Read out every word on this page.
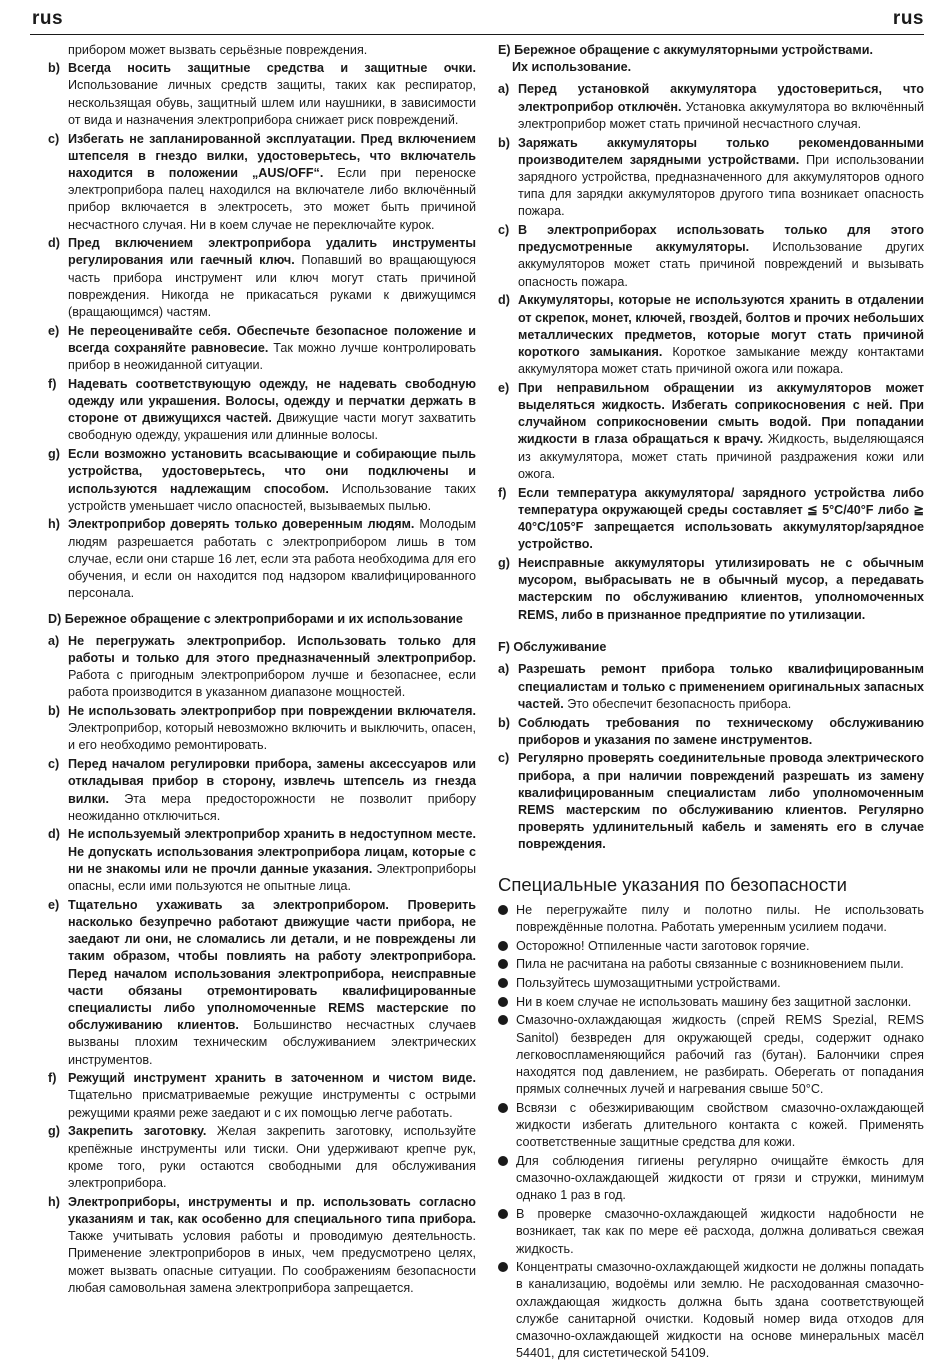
rus	rus

прибором может вызвать серьёзные повреждения.

b) Всегда носить защитные средства и защитные очки. Использование личных средств защиты, таких как респиратор, нескользящая обувь, защитный шлем или наушники, в зависимости от вида и назначения электроприбора снижает риск повреждений.
c) Избегать не запланированной эксплуатации. Пред включением штепселя в гнездо вилки, удостоверьтесь, что включатель находится в положении „AUS/OFF“. Если при переноске электроприбора палец находился на включателе либо включённый прибор включается в электросеть, это может быть причиной несчастного случая. Ни в коем случае не переключайте курок.
d) Пред включением электроприбора удалить инструменты регулирования или гаечный ключ. Попавший во вращающуюся часть прибора инструмент или ключ могут стать причиной повреждения. Никогда не прикасаться руками к движущимся (вращающимся) частям.
e) Не переоценивайте себя. Обеспечьте безопасное положение и всегда сохраняйте равновесие. Так можно лучше контролировать прибор в неожиданной ситуации.
f) Надевать соответствующую одежду, не надевать свободную одежду или украшения. Волосы, одежду и перчатки держать в стороне от движущихся частей. Движущие части могут захватить свободную одежду, украшения или длинные волосы.
g) Если возможно установить всасывающие и собирающие пыль устройства, удостоверьтесь, что они подключены и используются надлежащим способом. Использование таких устройств уменьшает число опасностей, вызываемых пылью.
h) Электроприбор доверять только доверенным людям. Молодым людям разрешается работать с электроприбором лишь в том случае, если они старше 16 лет, если эта работа необходима для его обучения, и если он находится под надзором квалифицированного персонала.
D) Бережное обращение с электроприборами и их использование
a) Не перегружать электроприбор. Использовать только для работы и только для этого предназначенный электроприбор. Работа с пригодным электроприбором лучше и безопаснее, если работа производится в указанном диапазоне мощностей.
b) Не использовать электроприбор при повреждении включателя. Электроприбор, который невозможно включить и выключить, опасен, и его необходимо ремонтировать.
c) Перед началом регулировки прибора, замены аксессуаров или откладывая прибор в сторону, извлечь штепсель из гнезда вилки. Эта мера предосторожности не позволит прибору неожиданно отключиться.
d) Не используемый электроприбор хранить в недоступном месте. Не допускать использования электроприбора лицам, которые с ни не знакомы или не прочли данные указания. Электроприборы опасны, если ими пользуются не опытные лица.
e) Тщательно ухаживать за электроприбором. Проверить насколько безупречно работают движущие части прибора, не заедают ли они, не сломались ли детали, и не повреждены ли таким образом, чтобы повлиять на работу электроприбора. Перед началом использования электроприбора, неисправные части обязаны отремонтировать квалифицированные специалисты либо уполномоченные REMS мастерские по обслуживанию клиентов. Большинство несчастных случаев вызваны плохим техническим обслуживанием электрических инструментов.
f) Режущий инструмент хранить в заточенном и чистом виде. Тщательно присматриваемые режущие инструменты с острыми режущими краями реже заедают и с их помощью легче работать.
g) Закрепить заготовку. Желая закрепить заготовку, используйте крепёжные инструменты или тиски. Они удерживают крепче рук, кроме того, руки остаются свободными для обслуживания электроприбора.
h) Электроприборы, инструменты и пр. использовать согласно указаниям и так, как особенно для специального типа прибора. Также учитывать условия работы и проводимую деятельность. Применение электроприборов в иных, чем предусмотрено целях, может вызвать опасные ситуации. По соображениям безопасности любая самовольная замена электроприбора запрещается.
E) Бережное обращение с аккумуляторными устройствами.
Их использование.
a) Перед установкой аккумулятора удостовериться, что электроприбор отключён. Установка аккумулятора во включённый электроприбор может стать причиной несчастного случая.
b) Заряжать аккумуляторы только рекомендованными производителем зарядными устройствами. При использовании зарядного устройства, предназначенного для аккумуляторов одного типа для зарядки аккумуляторов другого типа возникает опасность пожара.
c) В электроприборах использовать только для этого предусмотренные аккумуляторы. Использование других аккумуляторов может стать причиной повреждений и вызывать опасность пожара.
d) Аккумуляторы, которые не используются хранить в отдалении от скрепок, монет, ключей, гвоздей, болтов и прочих небольших металлических предметов, которые могут стать причиной короткого замыкания. Короткое замыкание между контактами аккумулятора может стать причиной ожога или пожара.
e) При неправильном обращении из аккумуляторов может выделяться жидкость. Избегать соприкосновения с ней. При случайном соприкосновении смыть водой. При попадании жидкости в глаза обращаться к врачу. Жидкость, выделяющаяся из аккумулятора, может стать причиной раздражения кожи или ожога.
f) Если температура аккумулятора/ зарядного устройства либо температура окружающей среды составляет ≦ 5°C/40°F либо ≧ 40°C/105°F запрещается использовать аккумулятор/зарядное устройство.
g) Неисправные аккумуляторы утилизировать не с обычным мусором, выбрасывать не в обычный мусор, а передавать мастерским по обслуживанию клиентов, уполномоченных REMS, либо в признанное предприятие по утилизации.
F) Обслуживание
a) Разрешать ремонт прибора только квалифицированным специалистам и только с применением оригинальных запасных частей. Это обеспечит безопасность прибора.
b) Соблюдать требования по техническому обслуживанию приборов и указания по замене инструментов.
c) Регулярно проверять соединительные провода электрического прибора, а при наличии повреждений разрешать из замену квалифицированным специалистам либо уполномоченным REMS мастерским по обслуживанию клиентов. Регулярно проверять удлинительный кабель и заменять его в случае повреждения.
Специальные указания по безопасности
Не перегружайте пилу и полотно пилы. Не использовать повреждённые полотна. Работать умеренным усилием подачи.
Осторожно! Отпиленные части заготовок горячие.
Пила не расчитана на работы связанные с возникновением пыли.
Пользуйтесь шумозащитными устройствами.
Ни в коем случае не использовать машину без защитной заслонки.
Смазочно-охлаждающая жидкость (спрей REMS Spezial, REMS Sanitol) безвреден для окружающей среды, содержит однако легковоспламеняющийся рабочий газ (бутан). Балончики спрея находятся под давлением, не разбирать. Оберегать от попадания прямых солнечных лучей и нагревания свыше 50°C.
Всвязи с обезжиривающим свойством смазочно-охлаждающей жидкости избегать длительного контакта с кожей. Применять соответственные защитные средства для кожи.
Для соблюдения гигиены регулярно очищайте ёмкость для смазочно-охлаждающей жидкости от грязи и стружки, минимум однако 1 раз в год.
В проверке смазочно-охлаждающей жидкости надобности не возникает, так как по мере её расхода, должна доливаться свежая жидкость.
Концентраты смазочно-охлаждающей жидкости не должны попадать в канализацию, водоёмы или землю. Не расходованная смазочно-охлаждающая жидкость должна быть здана соответствующей службе санитарной очистки. Кодовый номер вида отходов для смазочно-охлаждающей жидкости на основе минеральных масёл 54401, для систетической 54109.
